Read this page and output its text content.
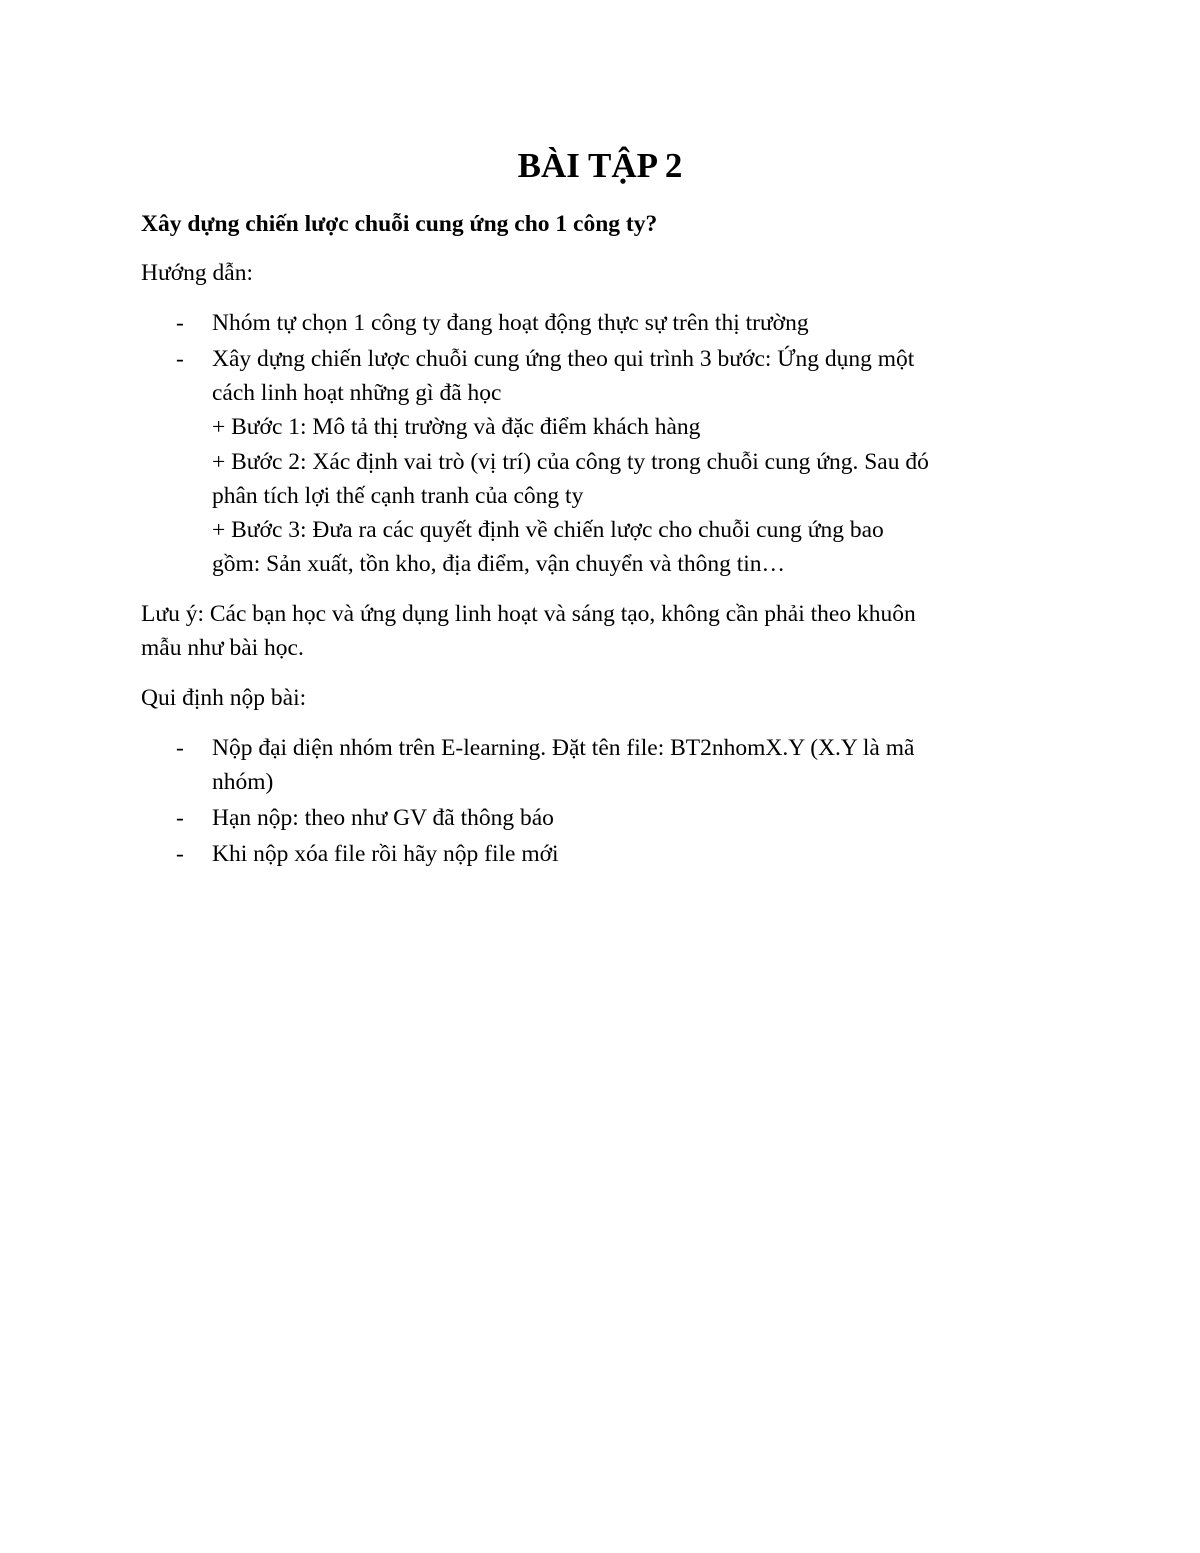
BÀI TẬP 2

Xây dựng chiến lược chuỗi cung ứng cho 1 công ty?

Hướng dẫn:

- Nhóm tự chọn 1 công ty đang hoạt động thực sự trên thị trường

- Xây dựng chiến lược chuỗi cung ứng theo qui trình 3 bước: Ứng dụng một

cách linh hoạt những gì đã học

+ Bước 1: Mô tả thị trường và đặc điểm khách hàng

+ Bước 2: Xác định vai trò (vị trí) của công ty trong chuỗi cung ứng. Sau đó

phân tích lợi thế cạnh tranh của công ty

+ Bước 3: Đưa ra các quyết định về chiến lược cho chuỗi cung ứng bao

gồm: Sản xuất, tồn kho, địa điểm, vận chuyển và thông tin…

Lưu ý: Các bạn học và ứng dụng linh hoạt và sáng tạo, không cần phải theo khuôn

mẫu như bài học.

Qui định nộp bài:

- Nộp đại diện nhóm trên E-learning. Đặt tên file: BT2nhomX.Y (X.Y là mã

nhóm)

- Hạn nộp: theo như GV đã thông báo

- Khi nộp xóa file rồi hãy nộp file mới
